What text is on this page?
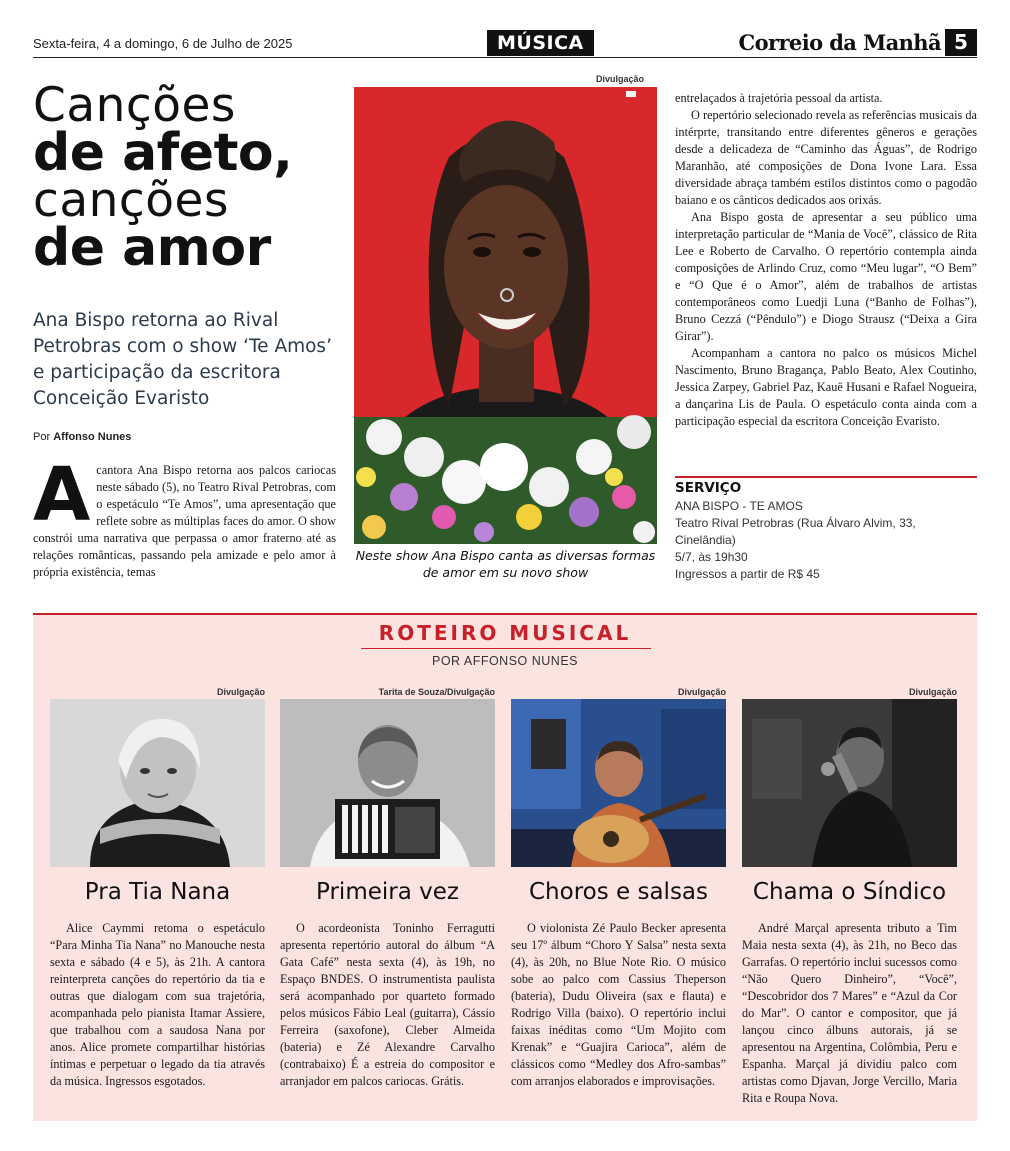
Sexta-feira, 4 a domingo, 6 de Julho de 2025	MÚSICA	Correio da Manhã 5
Canções
de afeto,
canções
de amor

Ana Bispo retorna ao Rival Petrobras com o show ‘Te Amos’ e participação da escritora Conceição Evaristo

Por Affonso Nunes

A cantora Ana Bispo retorna aos palcos cariocas neste sábado (5), no Teatro Rival Petrobras, com o espetáculo “Te Amos”, uma apresentação que reflete sobre as múltiplas faces do amor. O show constrói uma narrativa que perpassa o amor fraterno até as relações românticas, passando pela amizade e pelo amor à própria existência, temas
Divulgação

Neste show Ana Bispo canta as diversas formas de amor em su novo show

entrelaçados à trajetória pessoal da artista.

O repertório selecionado revela as referências musicais da intérprte, transitando entre diferentes gêneros e gerações desde a delicadeza de “Caminho das Águas”, de Rodrigo Maranhão, até composições de Dona Ivone Lara. Essa diversidade abraça também estilos distintos como o pagodão baiano e os cânticos dedicados aos orixás.

Ana Bispo gosta de apresentar a seu público uma interpretação particular de “Mania de Você”, clássico de Rita Lee e Roberto de Carvalho. O repertório contempla ainda composições de Arlindo Cruz, como “Meu lugar”, “O Bem” e “O Que é o Amor”, além de trabalhos de artistas contemporâneos como Luedji Luna (“Banho de Folhas”), Bruno Cezzá (“Pêndulo”) e Diogo Strausz (“Deixa a Gira Girar”).

Acompanham a cantora no palco os músicos Michel Nascimento, Bruno Bragança, Pablo Beato, Alex Coutinho, Jessica Zarpey, Gabriel Paz, Kauê Husani e Rafael Nogueira, a dançarina Lis de Paula. O espetáculo conta ainda com a participação especial da escritora Conceição Evaristo.

SERVIÇO
ANA BISPO - TE AMOS
Teatro Rival Petrobras (Rua Álvaro Alvim, 33, Cinelândia)
5/7, às 19h30
Ingressos a partir de R$ 45
ROTEIRO MUSICAL
POR AFFONSO NUNES
Divulgação
Pra Tia Nana

Alice Caymmi retoma o espetáculo “Para Minha Tia Nana” no Manouche nesta sexta e sábado (4 e 5), às 21h. A cantora reinterpreta canções do repertório da tia e outras que dialogam com sua trajetória, acompanhada pelo pianista Itamar Assiere, que trabalhou com a saudosa Nana por anos. Alice promete compartilhar histórias íntimas e perpetuar o legado da tia através da música. Ingressos esgotados.

Tarita de Souza/Divulgação
Primeira vez

O acordeonista Toninho Ferragutti apresenta repertório autoral do álbum “A Gata Café” nesta sexta (4), às 19h, no Espaço BNDES. O instrumentista paulista será acompanhado por quarteto formado pelos músicos Fábio Leal (guitarra), Cássio Ferreira (saxofone), Cleber Almeida (bateria) e Zé Alexandre Carvalho (contrabaixo) É a estreia do compositor e arranjador em palcos cariocas. Grátis.

Divulgação
Choros e salsas

O violonista Zé Paulo Becker apresenta seu 17º álbum “Choro Y Salsa” nesta sexta (4), às 20h, no Blue Note Rio. O músico sobe ao palco com Cassius Theperson (bateria), Dudu Oliveira (sax e flauta) e Rodrigo Villa (baixo). O repertório inclui faixas inéditas como “Um Mojito com Krenak” e “Guajira Carioca”, além de clássicos como “Medley dos Afro-sambas” com arranjos elaborados e improvisações.

Divulgação
Chama o Síndico

André Marçal apresenta tributo a Tim Maia nesta sexta (4), às 21h, no Beco das Garrafas. O repertório inclui sucessos como “Não Quero Dinheiro”, “Você”, “Descobridor dos 7 Mares” e “Azul da Cor do Mar”. O cantor e compositor, que já lançou cinco álbuns autorais, já se apresentou na Argentina, Colômbia, Peru e Espanha. Marçal já dividiu palco com artistas como Djavan, Jorge Vercillo, Maria Rita e Roupa Nova.
